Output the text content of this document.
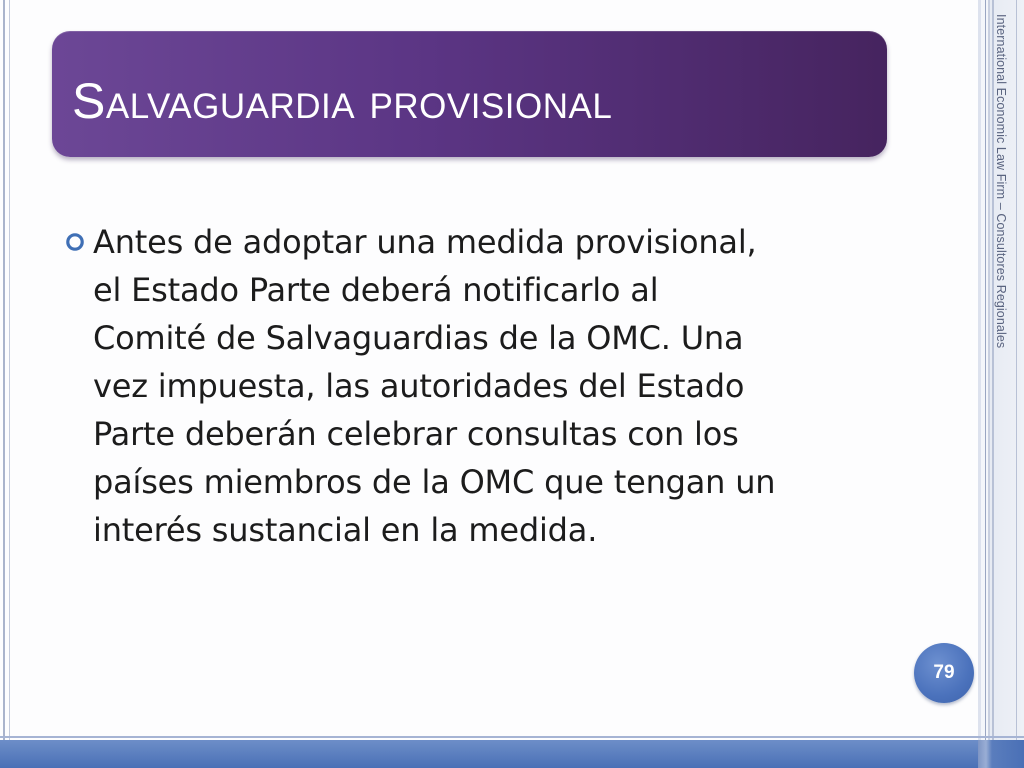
International Economic Law Firm – Consultores Regionales
Salvaguardia provisional

Antes de adoptar una medida provisional,
el Estado Parte deberá notificarlo al
Comité de Salvaguardias de la OMC. Una
vez impuesta, las autoridades del Estado
Parte deberán celebrar consultas con los
países miembros de la OMC que tengan un
interés sustancial en la medida.

79
